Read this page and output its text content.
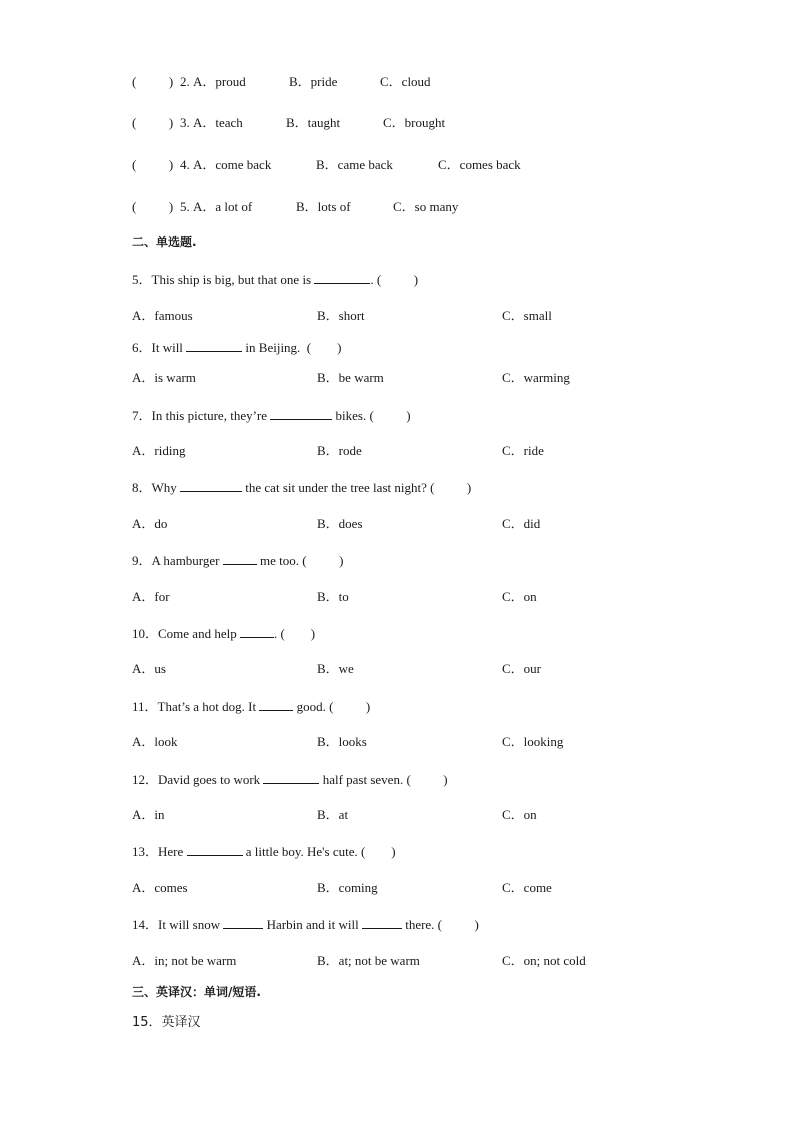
(          ) 2. A．proud	B．pride	C．cloud
(          ) 3. A．teach	B．taught	C．brought
(          ) 4. A．come back	B．came back	C．comes back
(          ) 5. A．a lot of	B．lots of	C．so many
二、单选题.
5．This ship is big, but that one is	. (          )
A．famous	B．short	C．small
6．It will	in Beijing.  (        )
A．is warm	B．be warm	C．warming
7．In this picture, they’re	bikes. (          )
A．riding	B．rode	C．ride
8．Why	the cat sit under the tree last night? (          )
A．do	B．does	C．did
9．A hamburger	me too. (          )
A．for	B．to	C．on
10．Come and help	. (        )
A．us	B．we	C．our
11．That’s a hot dog. It	good. (          )
A．look	B．looks	C．looking
12．David goes to work	half past seven. (          )
A．in	B．at	C．on
13．Here	a little boy. He's cute. (        )
A．comes	B．coming	C．come
14．It will snow	Harbin and it will	there. (          )
A．in; not be warm	B．at; not be warm	C．on; not cold
三、英译汉：单词/短语.
15．英译汉
